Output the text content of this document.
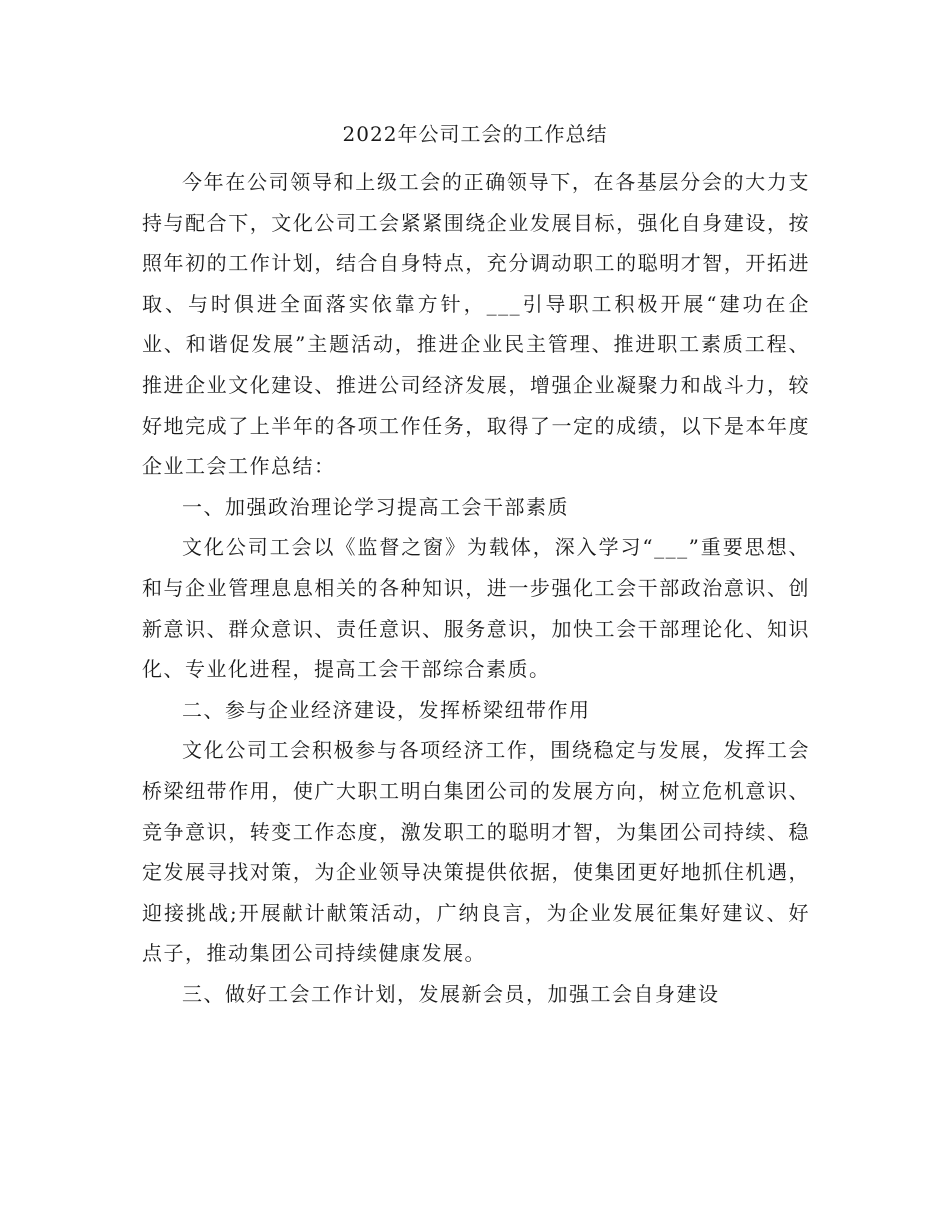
2022年公司工会的工作总结

今年在公司领导和上级工会的正确领导下，在各基层分会的大力支持与配合下，文化公司工会紧紧围绕企业发展目标，强化自身建设，按照年初的工作计划，结合自身特点，充分调动职工的聪明才智，开拓进取、与时俱进全面落实依靠方针，___引导职工积极开展“建功在企业、和谐促发展”主题活动，推进企业民主管理、推进职工素质工程、推进企业文化建设、推进公司经济发展，增强企业凝聚力和战斗力，较好地完成了上半年的各项工作任务，取得了一定的成绩，以下是本年度企业工会工作总结：

一、加强政治理论学习提高工会干部素质

文化公司工会以《监督之窗》为载体，深入学习“___”重要思想、和与企业管理息息相关的各种知识，进一步强化工会干部政治意识、创新意识、群众意识、责任意识、服务意识，加快工会干部理论化、知识化、专业化进程，提高工会干部综合素质。

二、参与企业经济建设，发挥桥梁纽带作用

文化公司工会积极参与各项经济工作，围绕稳定与发展，发挥工会桥梁纽带作用，使广大职工明白集团公司的发展方向，树立危机意识、竞争意识，转变工作态度，激发职工的聪明才智，为集团公司持续、稳定发展寻找对策，为企业领导决策提供依据，使集团更好地抓住机遇，迎接挑战;开展献计献策活动，广纳良言，为企业发展征集好建议、好点子，推动集团公司持续健康发展。

三、做好工会工作计划，发展新会员，加强工会自身建设
